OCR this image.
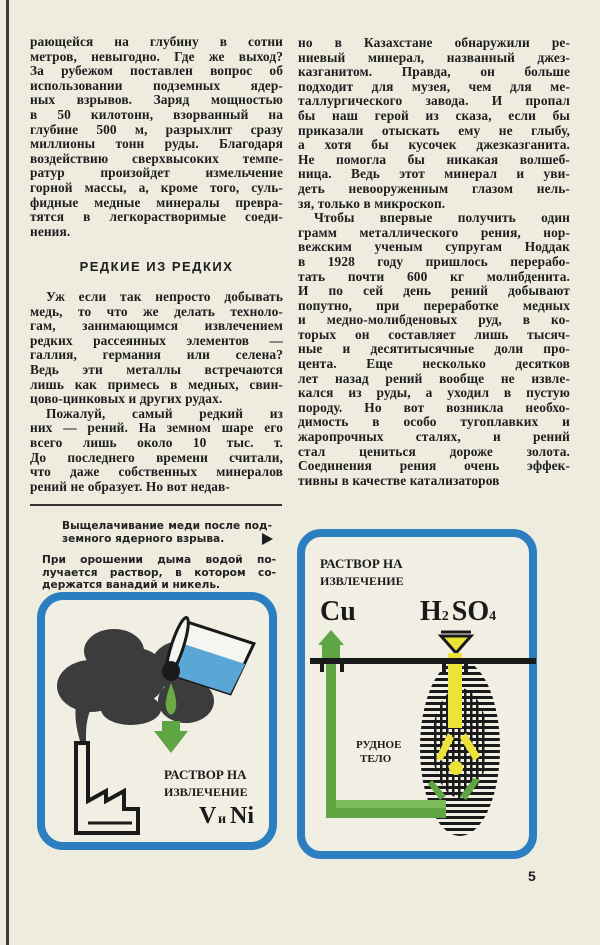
рающейся на глубину в сотни
метров, невыгодно. Где же выход?
За рубежом поставлен вопрос об
использовании подземных ядер-
ных взрывов. Заряд мощностью
в 50 килотонн, взорванный на
глубине 500 м, разрыхлит сразу
миллионы тонн руды. Благодаря
воздействию сверхвысоких темпе-
ратур произойдет измельчение
горной массы, а, кроме того, суль-
фидные медные минералы превра-
тятся в легкорастворимые соеди-
нения.
РЕДКИЕ ИЗ РЕДКИХ
Уж если так непросто добывать
медь, то что же делать техноло-
гам, занимающимся извлечением
редких рассеянных элементов —
галлия, германия или селена?
Ведь эти металлы встречаются
лишь как примесь в медных, свин-
цово-цинковых и других рудах.
Пожалуй, самый редкий из
них — рений. На земном шаре его
всего лишь около 10 тыс. т.
До последнего времени считали,
что даже собственных минералов
рений не образует. Но вот недав-
но в Казахстане обнаружили ре-
ниевый минерал, названный джез-
казганитом. Правда, он больше
подходит для музея, чем для ме-
таллургического завода. И пропал
бы наш герой из сказа, если бы
приказали отыскать ему не глыбу,
а хотя бы кусочек джезказганита.
Не помогла бы никакая волшеб-
ница. Ведь этот минерал и уви-
деть невооруженным глазом нель-
зя, только в микроскоп.
Чтобы впервые получить один
грамм металлического рения, нор-
вежским ученым супругам Ноддак
в 1928 году пришлось перерабо-
тать почти 600 кг молибденита.
И по сей день рений добывают
попутно, при переработке медных
и медно-молибденовых руд, в ко-
торых он составляет лишь тысяч-
ные и десятитысячные доли про-
цента. Еще несколько десятков
лет назад рений вообще не извле-
кался из руды, а уходил в пустую
породу. Но вот возникла необхо-
димость в особо тугоплавких и
жаропрочных сталях, и рений
стал цениться дороже золота.
Соединения рения очень эффек-
тивны в качестве катализаторов
Выщелачивание меди после под-
земного ядерного взрыва.
При орошении дыма водой по-
лучается раствор, в котором со-
держатся ванадий и никель.
РАСТВОР НА
ИЗВЛЕЧЕНИЕ
V и Ni
РАСТВОР НА
ИЗВЛЕЧЕНИЕ
Cu H2 SO4
РУДНОЕ
ТЕЛО
5
